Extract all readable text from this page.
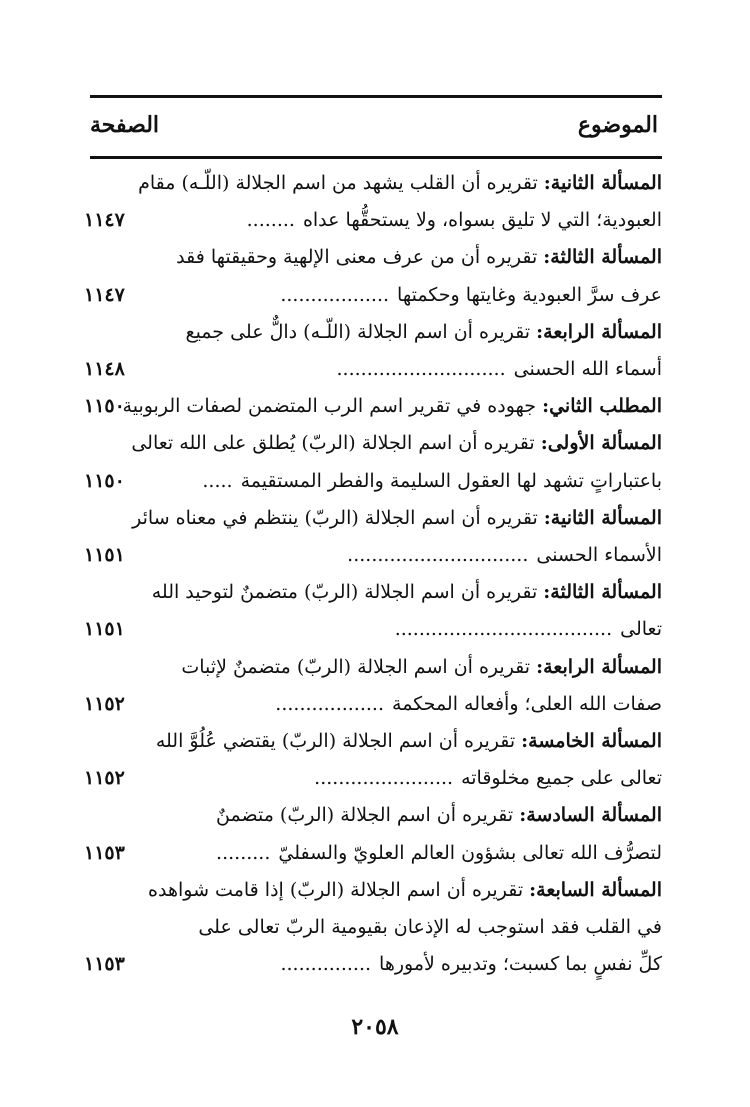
الموضوع
الصفحة
المسألة الثانية: تقريره أن القلب يشهد من اسم الجلالة (اللّـه) مقام
العبودية؛ التي لا تليق بسواه، ولا يستحقُّها عداه........
١١٤٧
المسألة الثالثة: تقريره أن من عرف معنى الإلهية وحقيقتها فقد
عرف سرَّ العبودية وغايتها وحكمتها..................
١١٤٧
المسألة الرابعة: تقريره أن اسم الجلالة (اللّـه) دالٌّ على جميع
أسماء الله الحسنى............................
١١٤٨
المطلب الثاني: جهوده في تقرير اسم الرب المتضمن لصفات الربوبية
١١٥٠
المسألة الأولى: تقريره أن اسم الجلالة (الربّ) يُطلق على الله تعالى
باعتباراتٍ تشهد لها العقول السليمة والفطر المستقيمة.....
١١٥٠
المسألة الثانية: تقريره أن اسم الجلالة (الربّ) ينتظم في معناه سائر
الأسماء الحسنى..............................
١١٥١
المسألة الثالثة: تقريره أن اسم الجلالة (الربّ) متضمنٌ لتوحيد الله
تعالى....................................
١١٥١
المسألة الرابعة: تقريره أن اسم الجلالة (الربّ) متضمنٌ لإثبات
صفات الله العلى؛ وأفعاله المحكمة..................
١١٥٢
المسألة الخامسة: تقريره أن اسم الجلالة (الربّ) يقتضي عُلُوَّ الله
تعالى على جميع مخلوقاته.......................
١١٥٢
المسألة السادسة: تقريره أن اسم الجلالة (الربّ) متضمنٌ
لتصرُّف الله تعالى بشؤون العالم العلويّ والسفليّ.........
١١٥٣
المسألة السابعة: تقريره أن اسم الجلالة (الربّ) إذا قامت شواهده
في القلب فقد استوجب له الإذعان بقيومية الربّ تعالى على
كلِّ نفسٍ بما كسبت؛ وتدبيره لأمورها...............
١١٥٣
٢٠٥٨
